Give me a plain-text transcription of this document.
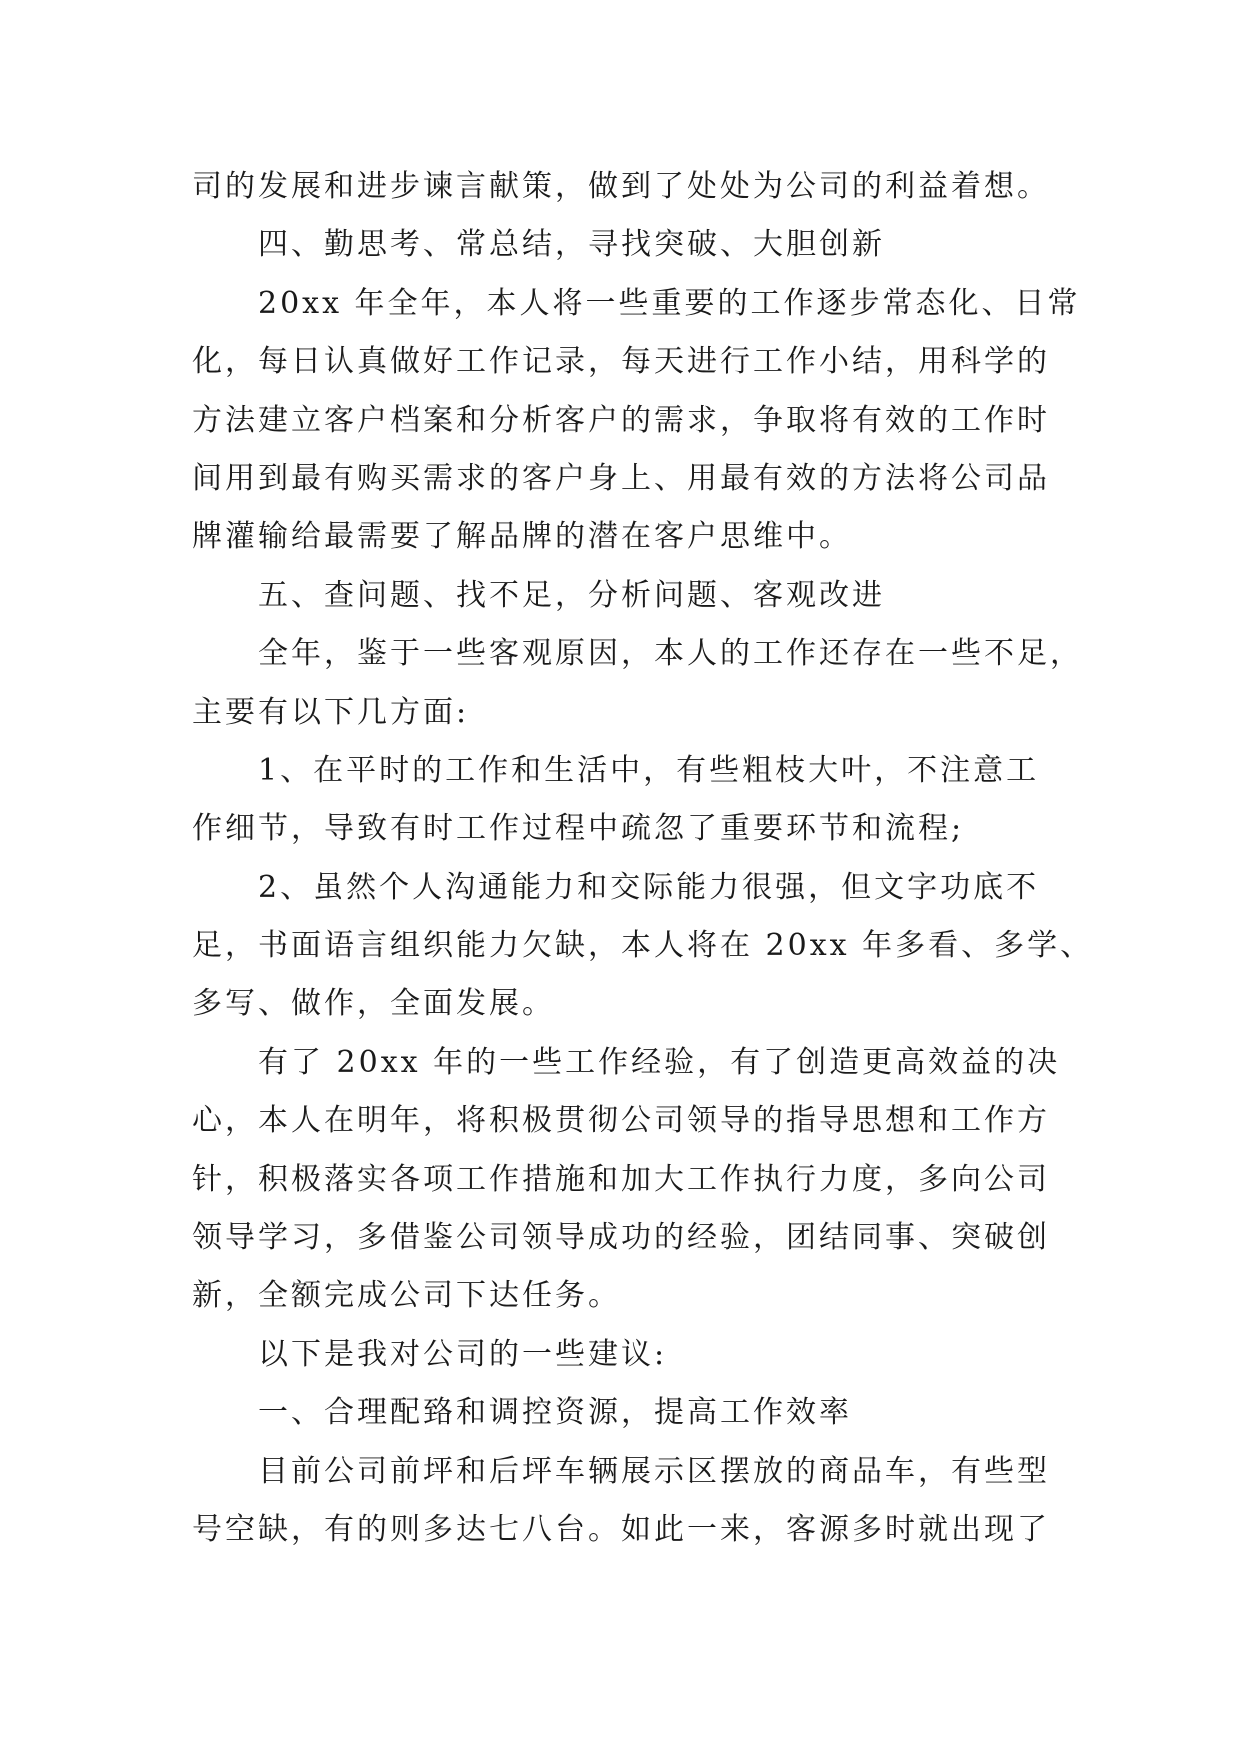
司的发展和进步谏言献策，做到了处处为公司的利益着想。
四、勤思考、常总结，寻找突破、大胆创新
20xx 年全年，本人将一些重要的工作逐步常态化、日常
化，每日认真做好工作记录，每天进行工作小结，用科学的
方法建立客户档案和分析客户的需求，争取将有效的工作时
间用到最有购买需求的客户身上、用最有效的方法将公司品
牌灌输给最需要了解品牌的潜在客户思维中。
五、查问题、找不足，分析问题、客观改进
全年，鉴于一些客观原因，本人的工作还存在一些不足，
主要有以下几方面:
1、在平时的工作和生活中，有些粗枝大叶，不注意工
作细节，导致有时工作过程中疏忽了重要环节和流程;
2、虽然个人沟通能力和交际能力很强，但文字功底不
足，书面语言组织能力欠缺，本人将在 20xx 年多看、多学、
多写、做作，全面发展。
有了 20xx 年的一些工作经验，有了创造更高效益的决
心，本人在明年，将积极贯彻公司领导的指导思想和工作方
针，积极落实各项工作措施和加大工作执行力度，多向公司
领导学习，多借鉴公司领导成功的经验，团结同事、突破创
新，全额完成公司下达任务。
以下是我对公司的一些建议:
一、合理配臵和调控资源，提高工作效率
目前公司前坪和后坪车辆展示区摆放的商品车，有些型
号空缺，有的则多达七八台。如此一来，客源多时就出现了
